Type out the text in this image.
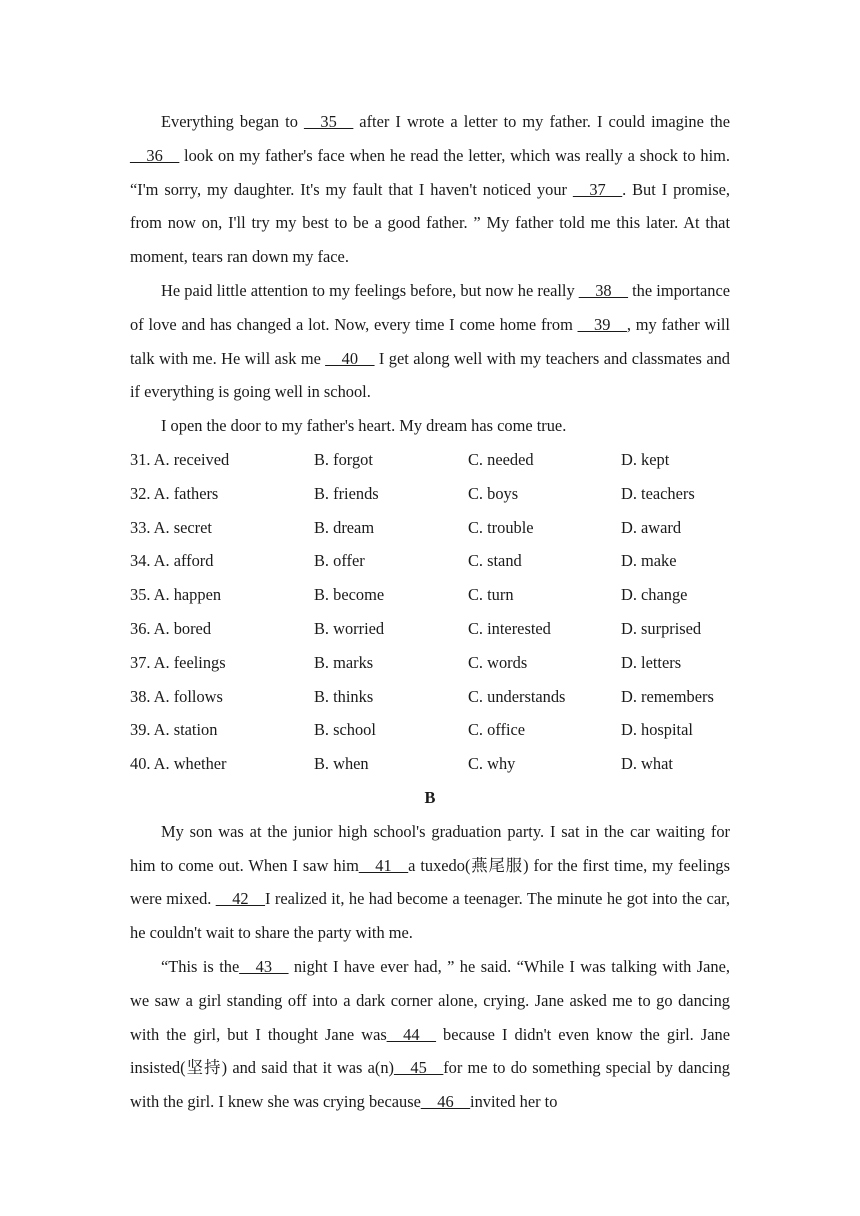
Everything began to __35__ after I wrote a letter to my father. I could imagine the __36__ look on my father's face when he read the letter, which was really a shock to him. “I'm sorry, my daughter. It's my fault that I haven't noticed your __37__. But I promise, from now on, I'll try my best to be a good father. ” My father told me this later. At that moment, tears ran down my face.

He paid little attention to my feelings before, but now he really __38__ the importance of love and has changed a lot. Now, every time I come home from __39__, my father will talk with me. He will ask me __40__ I get along well with my teachers and classmates and if everything is going well in school.

I open the door to my father's heart. My dream has come true.

31. A. received	B. forgot	C. needed	D. kept
32. A. fathers	B. friends	C. boys	D. teachers
33. A. secret	B. dream	C. trouble	D. award
34. A. afford	B. offer	C. stand	D. make
35. A. happen	B. become	C. turn	D. change
36. A. bored	B. worried	C. interested	D. surprised
37. A. feelings	B. marks	C. words	D. letters
38. A. follows	B. thinks	C. understands	D. remembers
39. A. station	B. school	C. office	D. hospital
40. A. whether	B. when	C. why	D. what

B

My son was at the junior high school's graduation party. I sat in the car waiting for him to come out. When I saw him__41__a tuxedo(燕尾服) for the first time, my feelings were mixed. __42__I realized it, he had become a teenager. The minute he got into the car, he couldn't wait to share the party with me.

“This is the__43__ night I have ever had, ” he said. “While I was talking with Jane, we saw a girl standing off into a dark corner alone, crying. Jane asked me to go dancing with the girl, but I thought Jane was__44__ because I didn't even know the girl. Jane insisted(坚持) and said that it was a(n)__45__for me to do something special by dancing with the girl. I knew she was crying because__46__invited her to
